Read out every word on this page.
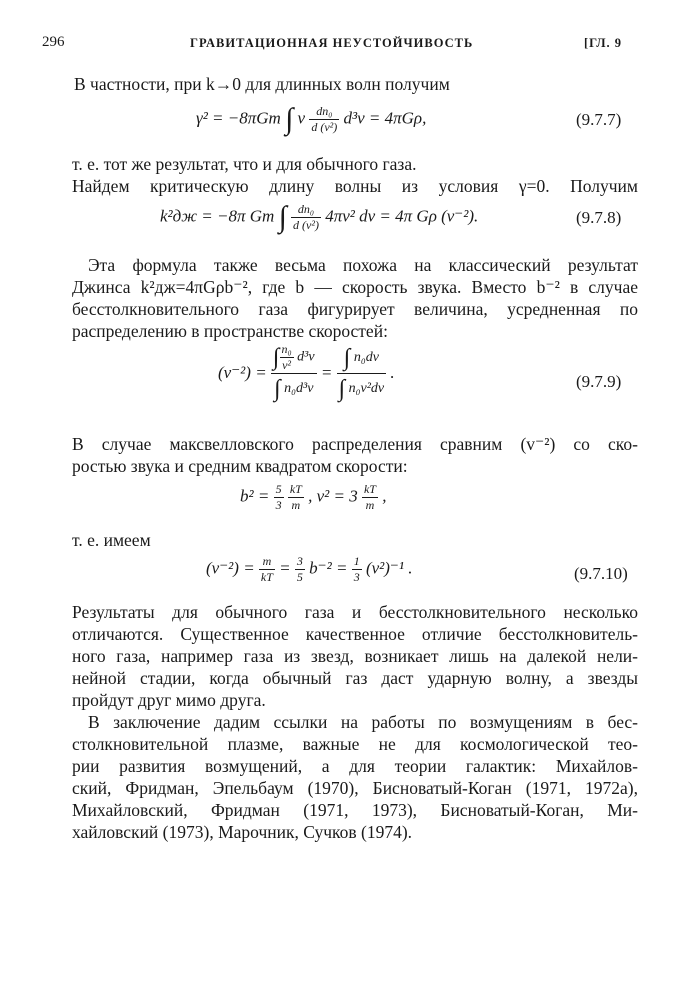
296	ГРАВИТАЦИОННАЯ НЕУСТОЙЧИВОСТЬ	[ГЛ. 9
В частности, при k→0 для длинных волн получим
γ² = −8πGm ∫ v $\frac{\text{dn₀}}{\text{d (v²)}} d^3v = 4\pi G\rho$,	(9.7.7)
т. е. тот же результат, что и для обычного газа.
Найдем критическую длину волны из условия γ=0. Получим
k²дж = −8π Gm ∫ $\frac{\text{dn₀}}{\text{d (v²)}} 4\pi v^2$ dv = 4π Gρ (v⁻²).	(9.7.8)
Эта формула также весьма похожа на классический результат
Джинса k²дж=4πGρb⁻², где b — скорость звука. Вместо b⁻² в случае
бесстолкновительного газа фигурирует величина, усредненная по
распределению в пространстве скоростей:
$(v^{-2}) = \frac{\int \frac{\text{n₀}}{\text{v²}} d^3v}{\text{∫ n₀d³v}} = \frac{\text{∫ n₀dv}}{\text{∫ n₀v²dv}}$ .	(9.7.9)
В случае максвелловского распределения сравним (v⁻²) со ско-
ростью звука и средним квадратом скорости:
$b^2 = \frac{5}{3}$
$\frac{kT}{m}$ , $v^2 = 3 \frac{kT}{m}$ ,
т. е. имеем
$(v^{-2}) = \frac{m}{kT} = \frac{3}{5} b^{-2} = \frac{1}{3} (v^2)^{-1}$ .	(9.7.10)
Результаты для обычного газа и бесстолкновительного несколько
отличаются. Существенное качественное отличие бесстолкновитель-
ного газа, например газа из звезд, возникает лишь на далекой нели-
нейной стадии, когда обычный газ даст ударную волну, а звезды
пройдут друг мимо друга.
В заключение дадим ссылки на работы по возмущениям в бес-
столкновительной плазме, важные не для космологической тео-
рии развития возмущений, а для теории галактик: Михайлов-
ский, Фридман, Эпельбаум (1970), Бисноватый-Коган (1971, 1972а),
Михайловский, Фридман (1971, 1973), Бисноватый-Коган, Ми-
хайловский (1973), Марочник, Сучков (1974).
